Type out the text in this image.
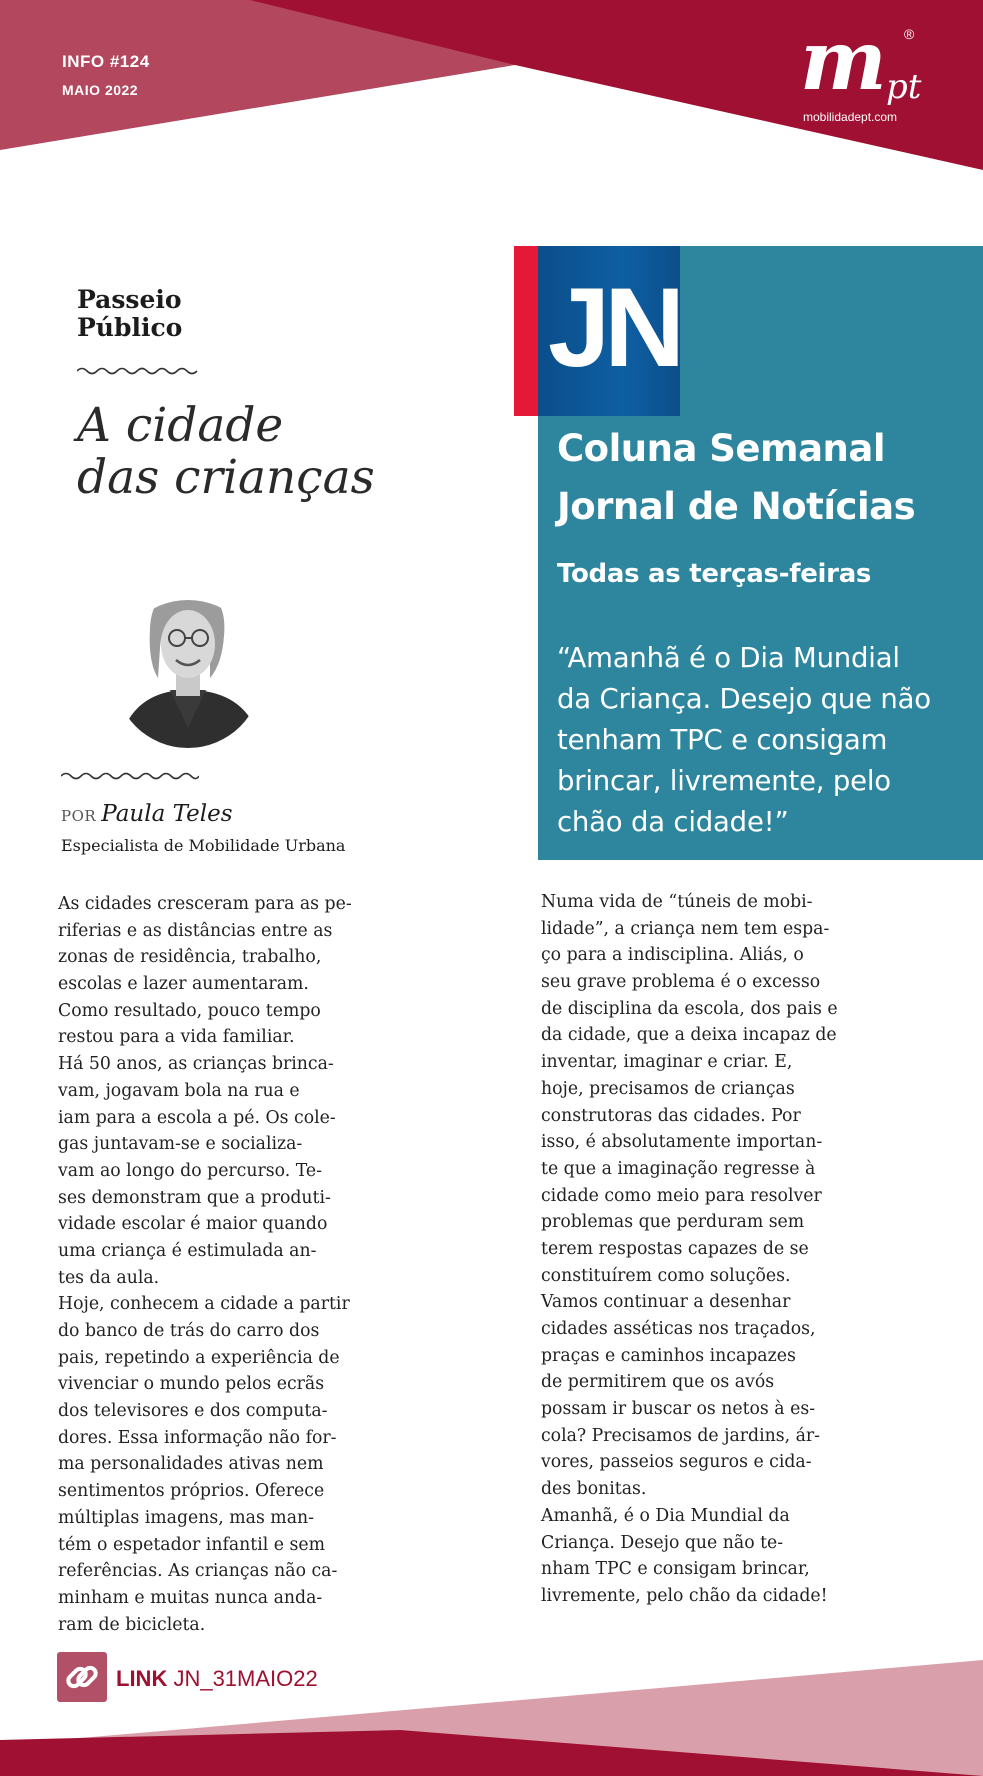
INFO #124
MAIO 2022	m pt
®
mobilidadept.com
Passeio
Público
A cidade
das crianças
POR Paula Teles
Especialista de Mobilidade Urbana
As cidades cresceram para as pe-
riferias e as distâncias entre as
zonas de residência, trabalho,
escolas e lazer aumentaram.
Como resultado, pouco tempo
restou para a vida familiar.
Há 50 anos, as crianças brinca-
vam, jogavam bola na rua e
iam para a escola a pé. Os cole-
gas juntavam-se e socializa-
vam ao longo do percurso. Te-
ses demonstram que a produti-
vidade escolar é maior quando
uma criança é estimulada an-
tes da aula.
Hoje, conhecem a cidade a partir
do banco de trás do carro dos
pais, repetindo a experiência de
vivenciar o mundo pelos ecrãs
dos televisores e dos computa-
dores. Essa informação não for-
ma personalidades ativas nem
sentimentos próprios. Oferece
múltiplas imagens, mas man-
tém o espetador infantil e sem
referências. As crianças não ca-
minham e muitas nunca anda-
ram de bicicleta.
Numa vida de “túneis de mobi-
lidade”, a criança nem tem espa-
ço para a indisciplina. Aliás, o
seu grave problema é o excesso
de disciplina da escola, dos pais e
da cidade, que a deixa incapaz de
inventar, imaginar e criar. E,
hoje, precisamos de crianças
construtoras das cidades. Por
isso, é absolutamente importan-
te que a imaginação regresse à
cidade como meio para resolver
problemas que perduram sem
terem respostas capazes de se
constituírem como soluções.
Vamos continuar a desenhar
cidades asséticas nos traçados,
praças e caminhos incapazes
de permitirem que os avós
possam ir buscar os netos à es-
cola? Precisamos de jardins, ár-
vores, passeios seguros e cida-
des bonitas.
Amanhã, é o Dia Mundial da
Criança. Desejo que não te-
nham TPC e consigam brincar,
livremente, pelo chão da cidade!
JN
Coluna Semanal
Jornal de Notícias
Todas as terças-feiras
“Amanhã é o Dia Mundial
da Criança. Desejo que não
tenham TPC e consigam
brincar, livremente, pelo
chão da cidade!”
LINK JN_31MAIO22
